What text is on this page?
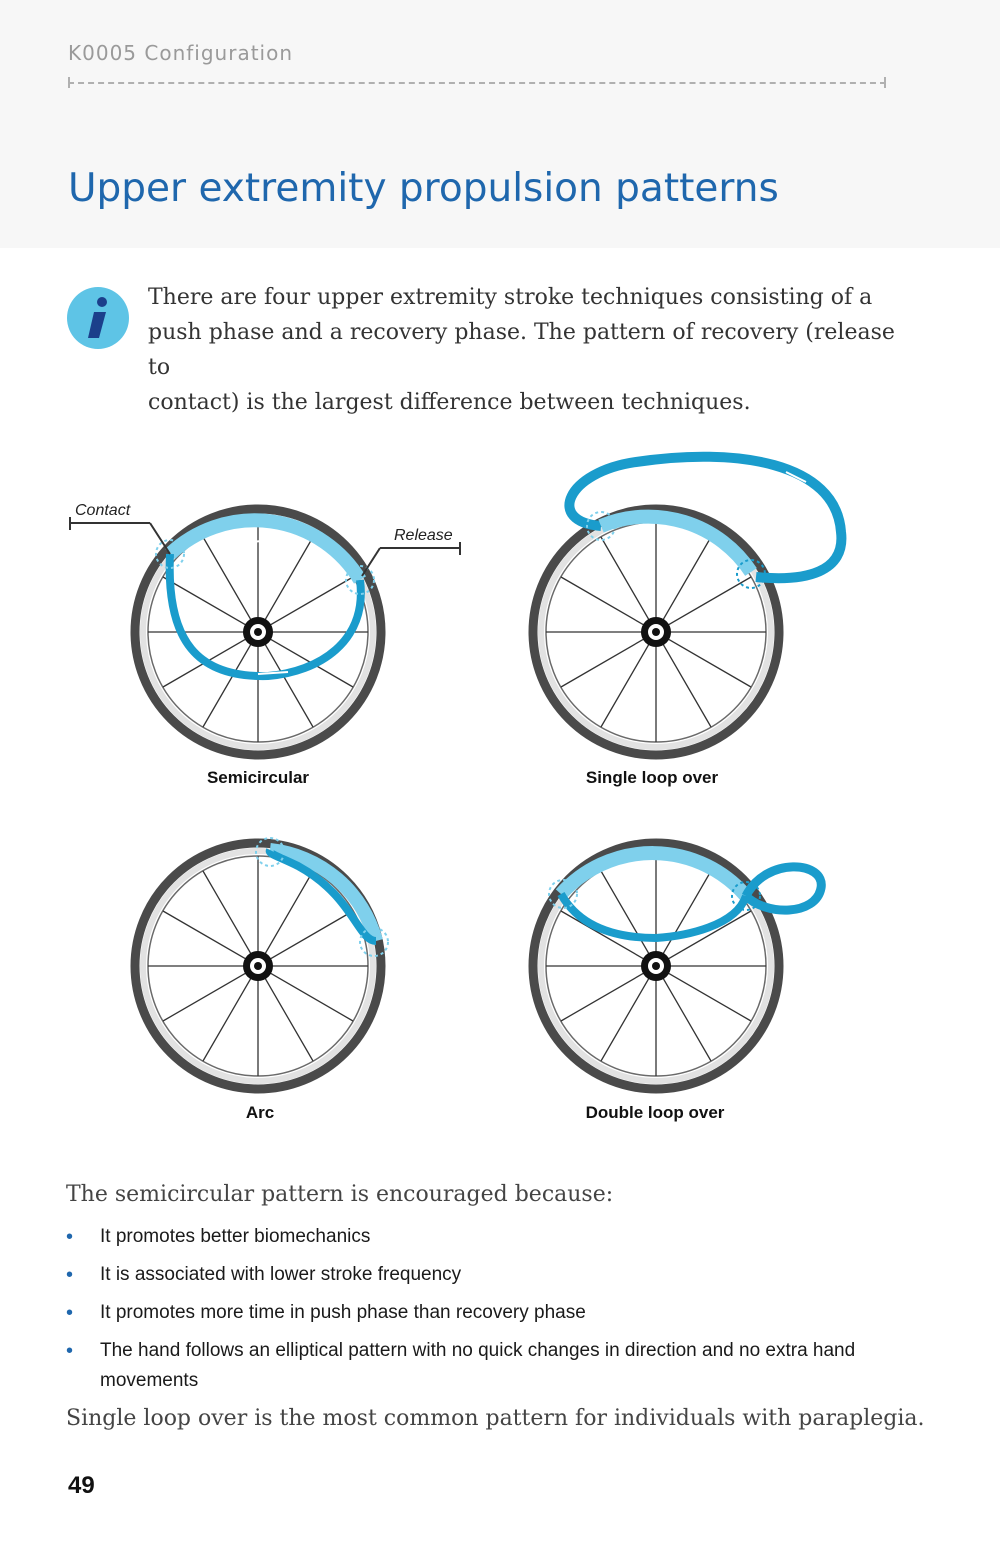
K0005 Configuration
Upper extremity propulsion patterns
There are four upper extremity stroke techniques consisting of a
push phase and a recovery phase. The pattern of recovery (release to
contact) is the largest difference between techniques.
Contact
Release
Semicircular	Single loop over
Arc	Double loop over
The semicircular pattern is encouraged because:
• It promotes better biomechanics
• It is associated with lower stroke frequency
• It promotes more time in push phase than recovery phase
• The hand follows an elliptical pattern with no quick changes in direction and no extra hand movements
Single loop over is the most common pattern for individuals with paraplegia.
49
